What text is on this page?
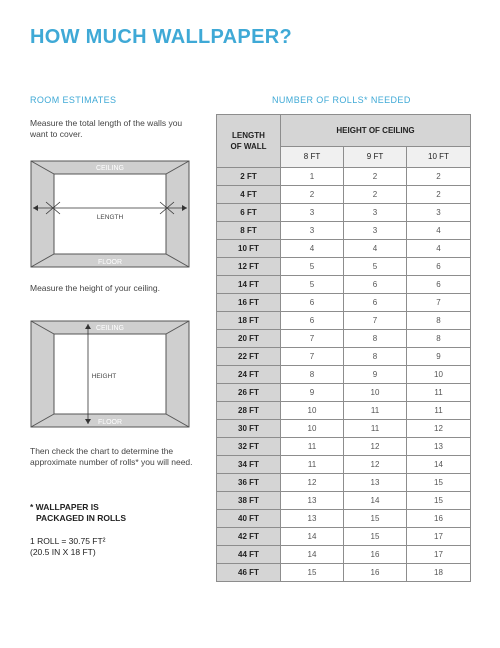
HOW MUCH WALLPAPER?
ROOM ESTIMATES	NUMBER OF ROLLS* NEEDED
Measure the total length of the walls you want to cover.
CEILING
FLOOR
LENGTH
Measure the height of your ceiling.
CEILING
FLOOR
HEIGHT
Then check the chart to determine the approximate number of rolls* you will need.
* WALLPAPER IS
PACKAGED IN ROLLS
1 ROLL = 30.75 FT²
(20.5 IN X 18 FT)
LENGTH
OF WALL	HEIGHT OF CEILING		
	8 FT	9 FT	10 FT
2 FT	1	2	2
4 FT	2	2	2
6 FT	3	3	3
8 FT	3	3	4
10 FT	4	4	4
12 FT	5	5	6
14 FT	5	6	6
16 FT	6	6	7
18 FT	6	7	8
20 FT	7	8	8
22 FT	7	8	9
24 FT	8	9	10
26 FT	9	10	11
28 FT	10	11	11
30 FT	10	11	12
32 FT	11	12	13
34 FT	11	12	14
36 FT	12	13	15
38 FT	13	14	15
40 FT	13	15	16
42 FT	14	15	17
44 FT	14	16	17
46 FT	15	16	18
